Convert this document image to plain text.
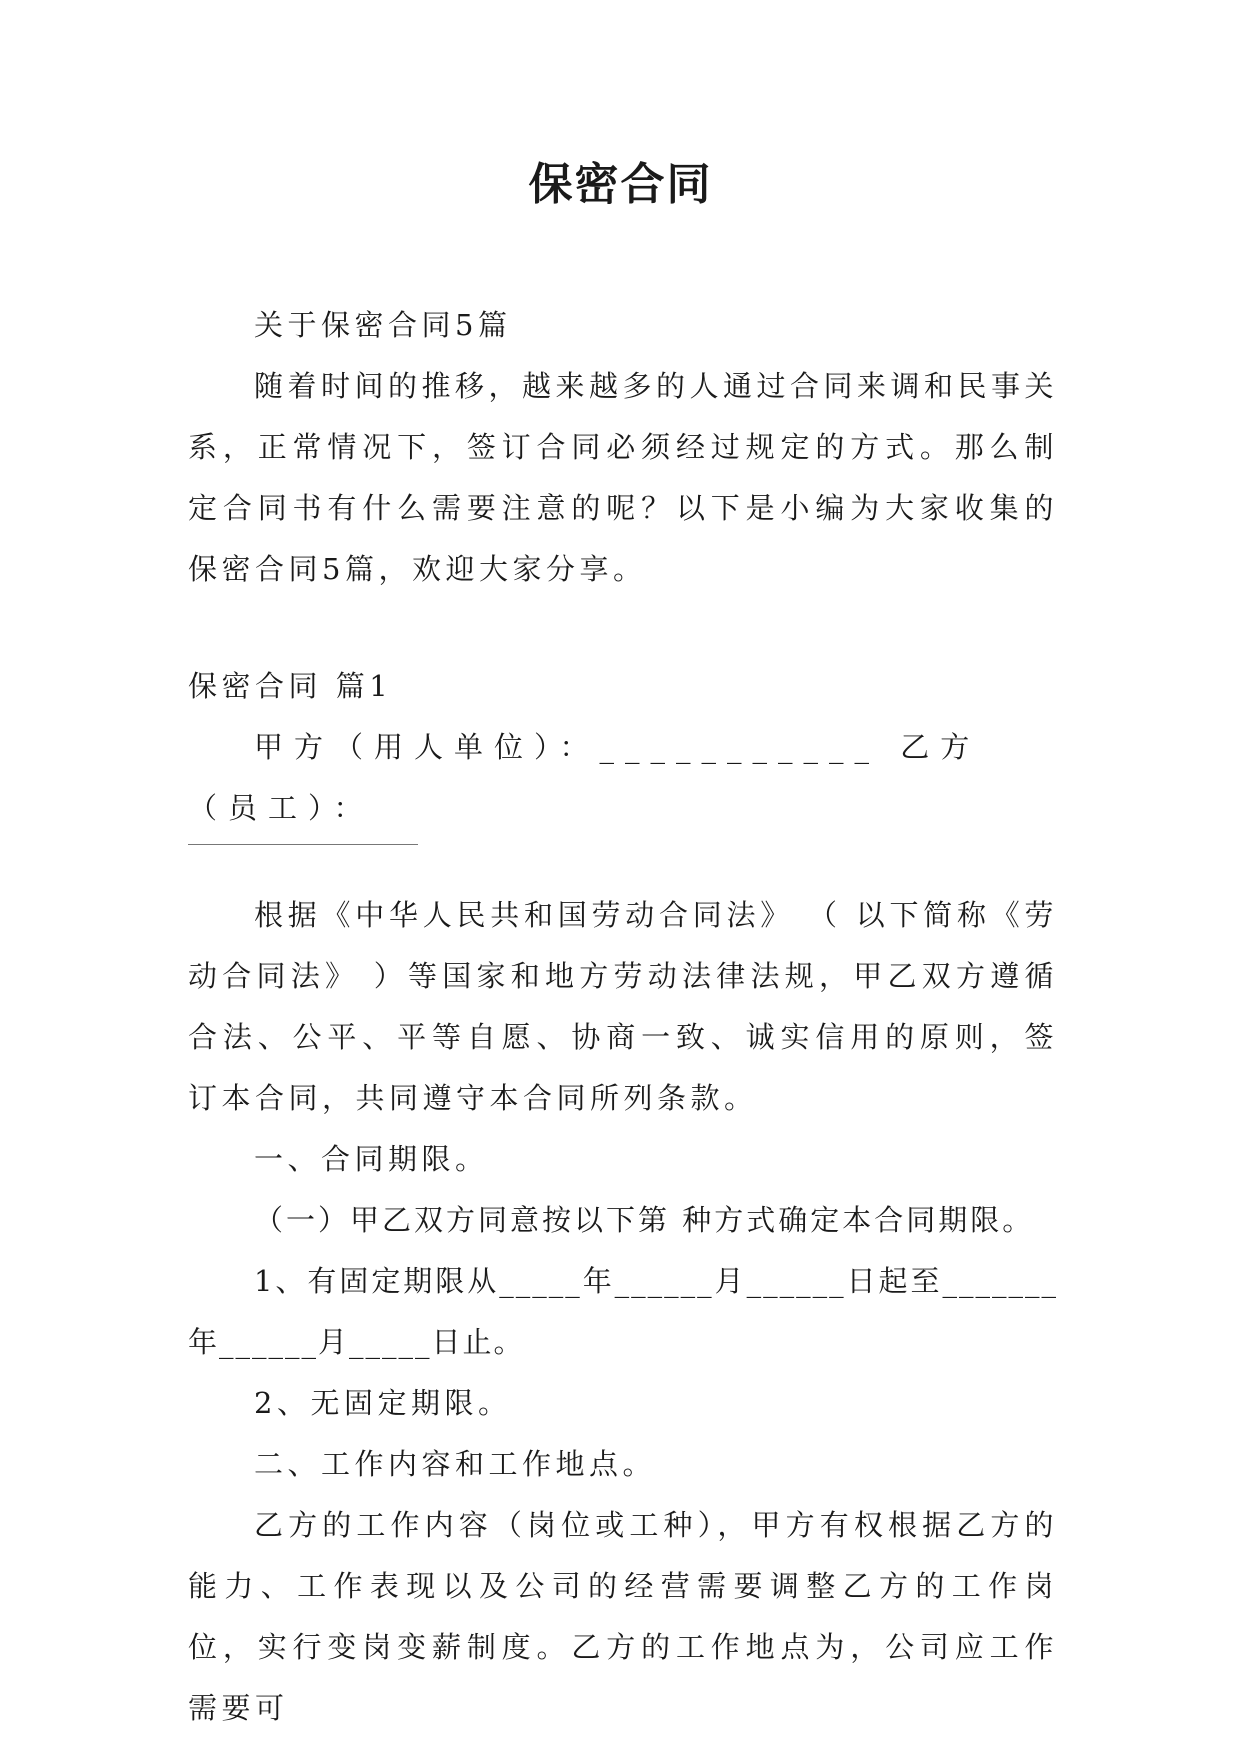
保密合同

关于保密合同5篇

随着时间的推移，越来越多的人通过合同来调和民事关系，正常情况下，签订合同必须经过规定的方式。那么制定合同书有什么需要注意的呢？以下是小编为大家收集的保密合同5篇，欢迎大家分享。

保密合同 篇1

甲方（用人单位）：___________ 乙方（员工）：

根据《中华人民共和国劳动合同法》 （ 以下简称《劳动合同法》 ）等国家和地方劳动法律法规，甲乙双方遵循合法、公平、平等自愿、协商一致、诚实信用的原则，签订本合同，共同遵守本合同所列条款。

一、合同期限。

（一）甲乙双方同意按以下第 种方式确定本合同期限。

1、有固定期限从_____年______月______日起至_______年______月_____日止。

2、无固定期限。

二、工作内容和工作地点。

乙方的工作内容（岗位或工种），甲方有权根据乙方的能力、工作表现以及公司的经营需要调整乙方的工作岗位，实行变岗变薪制度。乙方的工作地点为，公司应工作需要可
